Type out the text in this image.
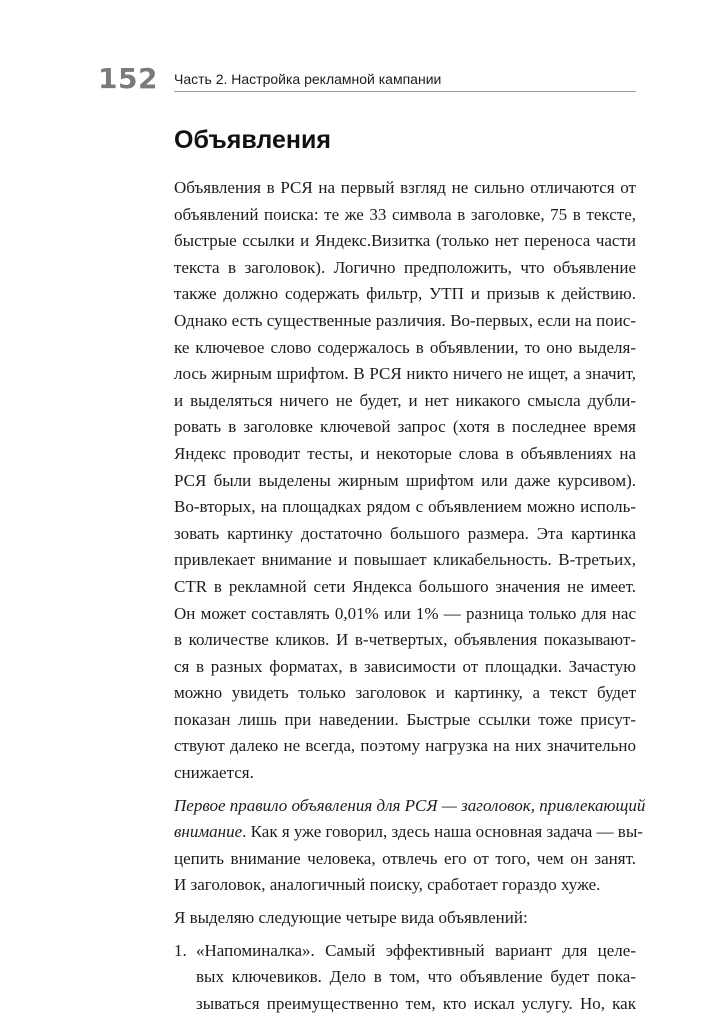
152 Часть 2. Настройка рекламной кампании
Объявления

Объявления в РСЯ на первый взгляд не сильно отличаются от
объявлений поиска: те же 33 символа в заголовке, 75 в тексте,
быстрые ссылки и Яндекс.Визитка (только нет переноса части
текста в заголовок). Логично предположить, что объявление
также должно содержать фильтр, УТП и призыв к действию.
Однако есть существенные различия. Во-первых, если на поис-
ке ключевое слово содержалось в объявлении, то оно выделя-
лось жирным шрифтом. В РСЯ никто ничего не ищет, а значит,
и выделяться ничего не будет, и нет никакого смысла дубли-
ровать в заголовке ключевой запрос (хотя в последнее время
Яндекс проводит тесты, и некоторые слова в объявлениях на
РСЯ были выделены жирным шрифтом или даже курсивом).
Во-вторых, на площадках рядом с объявлением можно исполь-
зовать картинку достаточно большого размера. Эта картинка
привлекает внимание и повышает кликабельность. В-третьих,
CTR в рекламной сети Яндекса большого значения не имеет.
Он может составлять 0,01% или 1% — разница только для нас
в количестве кликов. И в-четвертых, объявления показывают-
ся в разных форматах, в зависимости от площадки. Зачастую
можно увидеть только заголовок и картинку, а текст будет
показан лишь при наведении. Быстрые ссылки тоже присут-
ствуют далеко не всегда, поэтому нагрузка на них значительно
снижается.

Первое правило объявления для РСЯ — заголовок, привлекающий
внимание. Как я уже говорил, здесь наша основная задача — вы-
цепить внимание человека, отвлечь его от того, чем он занят.
И заголовок, аналогичный поиску, сработает гораздо хуже.

Я выделяю следующие четыре вида объявлений:

1. «Напоминалка». Самый эффективный вариант для целе-
вых ключевиков. Дело в том, что объявление будет пока-
зываться преимущественно тем, кто искал услугу. Но, как
